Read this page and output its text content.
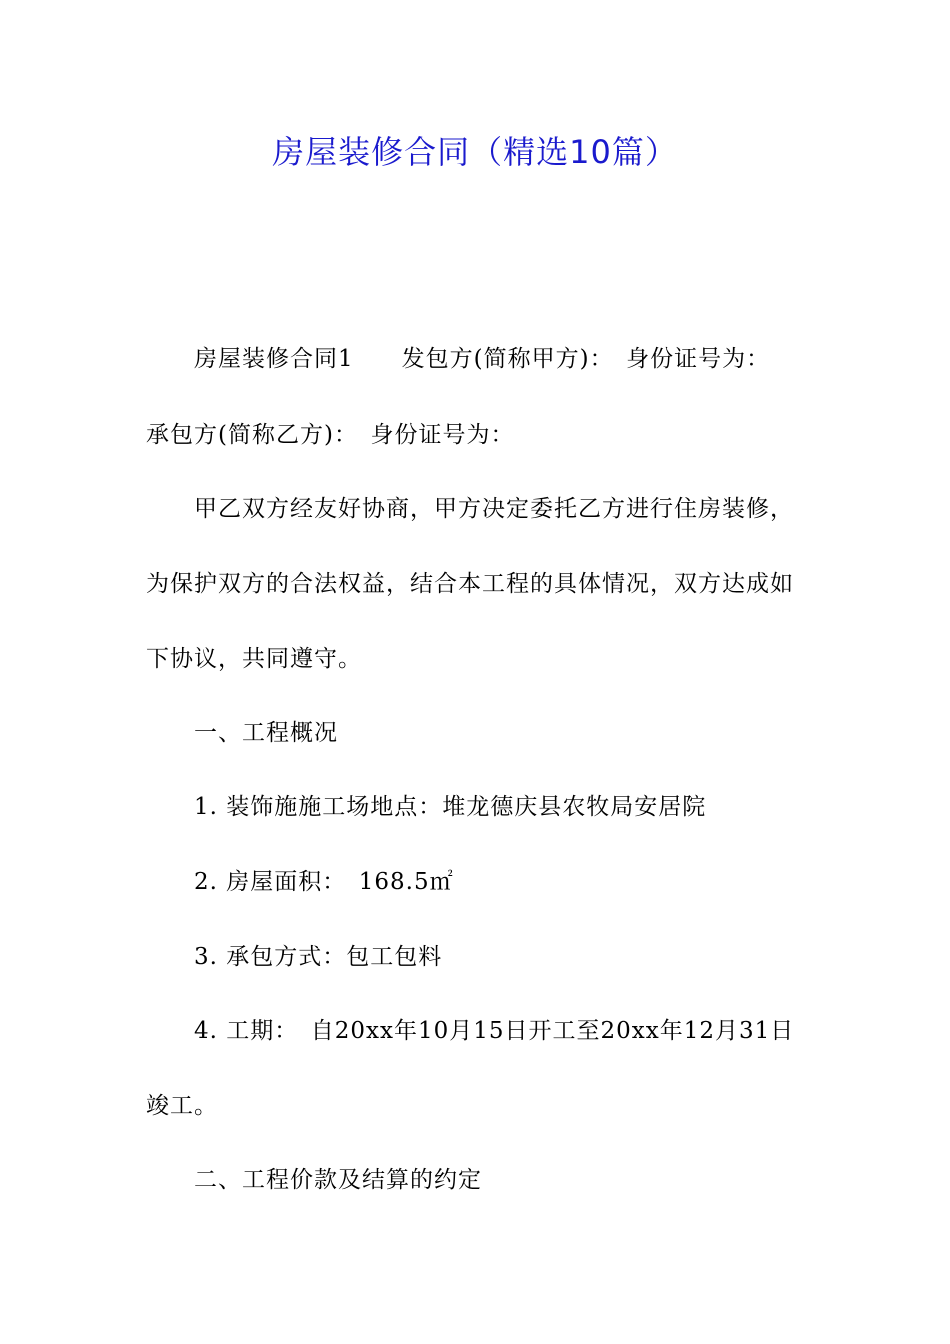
房屋装修合同（精选10篇）
房屋装修合同1　　发包方(简称甲方)：　身份证号为：
承包方(简称乙方)：　身份证号为：
甲乙双方经友好协商，甲方决定委托乙方进行住房装修，
为保护双方的合法权益，结合本工程的具体情况，双方达成如
下协议，共同遵守。
一、工程概况
1. 装饰施施工场地点：堆龙德庆县农牧局安居院
2. 房屋面积：　168.5㎡
3. 承包方式：包工包料
4. 工期：　自20xx年10月15日开工至20xx年12月31日
竣工。
二、工程价款及结算的约定
